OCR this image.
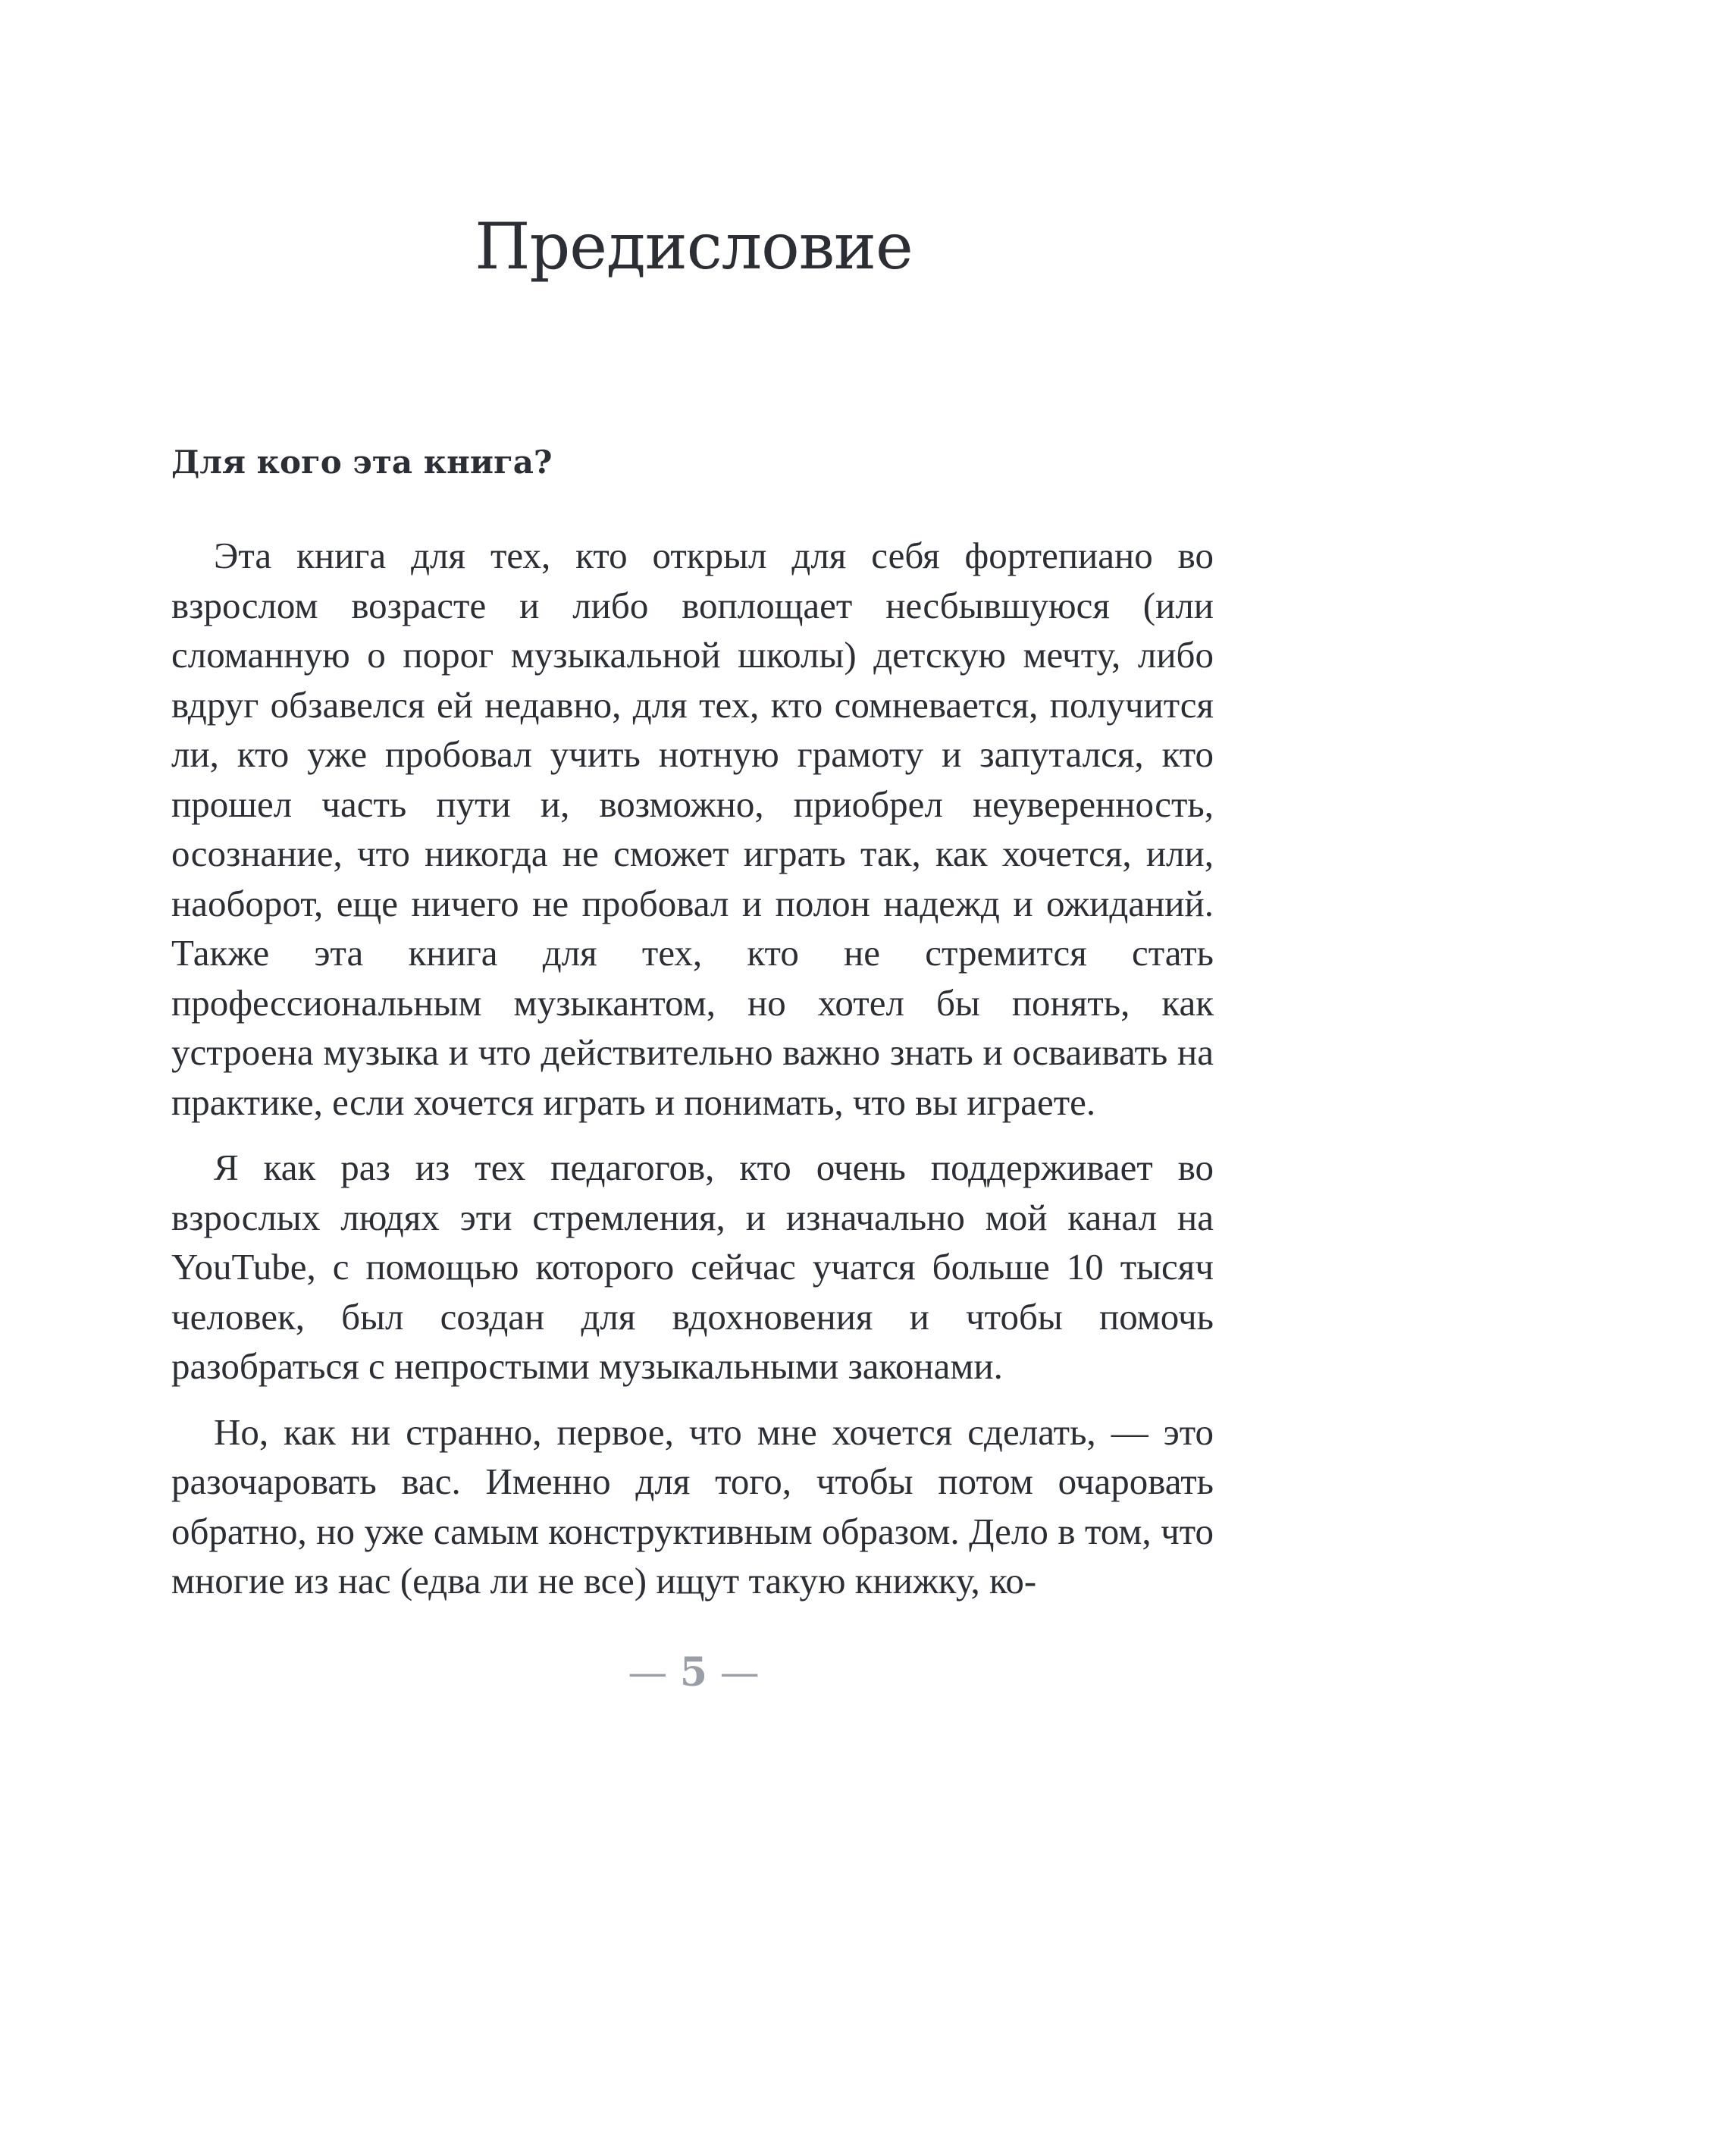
Предисловие
Для кого эта книга?

Эта книга для тех, кто открыл для себя фортепиано во взрослом возрасте и либо воплощает несбывшуюся (или сломанную о порог музыкальной школы) детскую мечту, либо вдруг обзавелся ей недавно, для тех, кто сомневается, получится ли, кто уже пробовал учить нотную грамоту и запутался, кто прошел часть пути и, возможно, приобрел неуверенность, осознание, что никогда не сможет играть так, как хочется, или, наоборот, еще ничего не пробовал и полон надежд и ожиданий. Также эта книга для тех, кто не стремится стать профессиональным музыкантом, но хотел бы понять, как устроена музыка и что действительно важно знать и осваивать на практике, если хочется играть и понимать, что вы играете.

Я как раз из тех педагогов, кто очень поддерживает во взрослых людях эти стремления, и изначально мой канал на YouTube, с помощью которого сейчас учатся больше 10 тысяч человек, был создан для вдохновения и чтобы помочь разобраться с непростыми музыкальными законами.

Но, как ни странно, первое, что мне хочется сделать, — это разочаровать вас. Именно для того, чтобы потом очаровать обратно, но уже самым конструктивным образом. Дело в том, что многие из нас (едва ли не все) ищут такую книжку, ко-

— 5 —
